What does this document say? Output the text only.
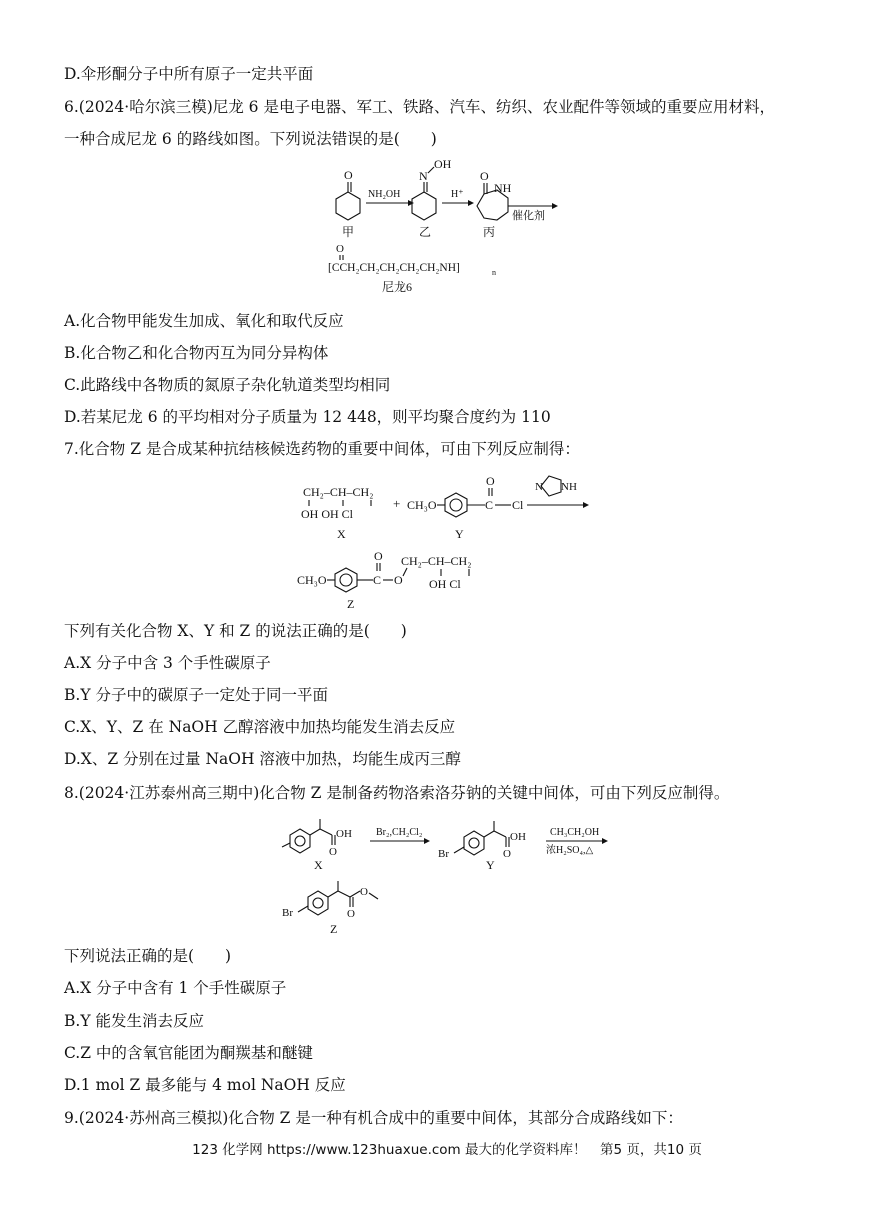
D.伞形酮分子中所有原子一定共平面
6.(2024·哈尔滨三模)尼龙 6 是电子电器、军工、铁路、汽车、纺织、农业配件等领域的重要应用材料，
一种合成尼龙 6 的路线如图。下列说法错误的是(　　)
O
甲
NH₂OH
N
OH
乙
H⁺
O
NH
丙
催化剂
O
[CCH₂CH₂CH₂CH₂CH₂NH]	n
尼龙6
A.化合物甲能发生加成、氧化和取代反应
B.化合物乙和化合物丙互为同分异构体
C.此路线中各物质的氮原子杂化轨道类型均相同
D.若某尼龙 6 的平均相对分子质量为 12 448，则平均聚合度约为 110
7.化合物 Z 是合成某种抗结核候选药物的重要中间体，可由下列反应制得：
CH₂–CH–CH₂
OH OH Cl
X
+ CH₃O	C
O
Cl
Y
N NH
CH₃O	C
O
O
CH₂–CH–CH₂
OH Cl
Z
下列有关化合物 X、Y 和 Z 的说法正确的是(　　)
A.X 分子中含 3 个手性碳原子
B.Y 分子中的碳原子一定处于同一平面
C.X、Y、Z 在 NaOH 乙醇溶液中加热均能发生消去反应
D.X、Z 分别在过量 NaOH 溶液中加热，均能生成丙三醇
8.(2024·江苏泰州高三期中)化合物 Z 是制备药物洛索洛芬钠的关键中间体，可由下列反应制得。
O
OH
X
Br₂,CH₂Cl₂
Br	O
OH
Y
CH₃CH₂OH
浓H₂SO₄,△
Br	O
O
Z
下列说法正确的是(　　)
A.X 分子中含有 1 个手性碳原子
B.Y 能发生消去反应
C.Z 中的含氧官能团为酮羰基和醚键
D.1 mol Z 最多能与 4 mol NaOH 反应
9.(2024·苏州高三模拟)化合物 Z 是一种有机合成中的重要中间体，其部分合成路线如下：
123 化学网 https://www.123huaxue.com 最大的化学资料库！　第5 页，共10 页
